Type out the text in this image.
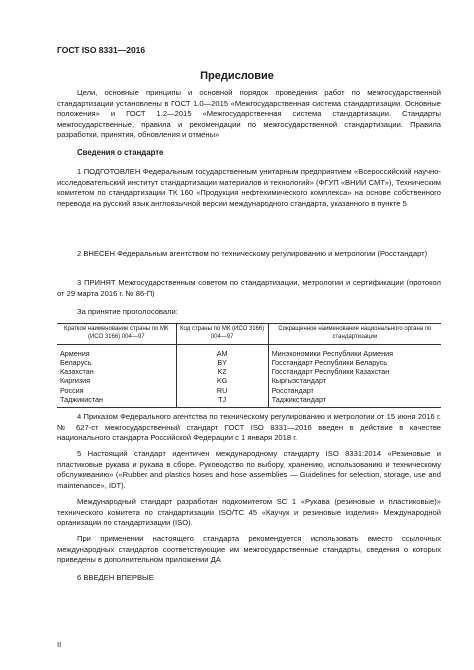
ГОСТ ISO 8331—2016
Предисловие

Цели, основные принципы и основной порядок проведения работ по межгосударственной стандартизации установлены в ГОСТ 1.0—2015 «Межгосударственная система стандартизации. Основные положения» и ГОСТ 1.2—2015 «Межгосударственная система стандартизации. Стандарты межгосударственные, правила и рекомендации по межгосударственной стандартизации. Правила разработки, принятия, обновления и отмены»

Сведения о стандарте

1 ПОДГОТОВЛЕН Федеральным государственным унитарным предприятием «Всероссийский научно-исследовательский институт стандартизации материалов и технологий» (ФГУП «ВНИИ СМТ»), Техническим комитетом по стандартизации ТК 160 «Продукция нефтехимического комплекса» на основе собственного перевода на русский язык англоязычной версии международного стандарта, указанного в пункте 5

2 ВНЕСЕН Федеральным агентством по техническому регулированию и метрологии (Росстандарт)

3 ПРИНЯТ Межгосударственным советом по стандартизации, метрологии и сертификации (протокол от 29 марта 2016 г. № 86-П)

За принятие проголосовали:

Краткое наименование страны по МК (ИСО 3166) 004—97	Код страны по МК (ИСО 3166) 004—97	Сокращенное наименование национального органа по стандартизации
Армения	AM	Минэкономики Республики Армения
Беларусь	BY	Госстандарт Республики Беларусь
Казахстан	KZ	Госстандарт Республики Казахстан
Киргизия	KG	Кыргызстандарт
Россия	RU	Росстандарт
Таджикистан	TJ	Таджикстандарт

4 Приказом Федерального агентства по техническому регулированию и метрологии от 15 июня 2016 г. № 627-ст межгосударственный стандарт ГОСТ ISO 8331—2016 введен в действие в качестве национального стандарта Российской Федерации с 1 января 2018 г.

5 Настоящий стандарт идентичен международному стандарту ISO 8331:2014 «Резиновые и пластиковые рукава и рукава в сборе. Руководство по выбору, хранению, использованию и техническому обслуживанию» («Rubber and plastics hoses and hose assemblies — Guidelines for selection, storage, use and maintenance», IDT).

Международный стандарт разработан подкомитетом SC 1 «Рукава (резиновые и пластиковые)» технического комитета по стандартизации ISO/TC 45 «Каучук и резиновые изделия» Международной организации по стандартизации (ISO).

При применении настоящего стандарта рекомендуется использовать вместо ссылочных международных стандартов соответствующие им межгосударственные стандарты, сведения о которых приведены в дополнительном приложении ДА

6 ВВЕДЕН ВПЕРВЫЕ

II
